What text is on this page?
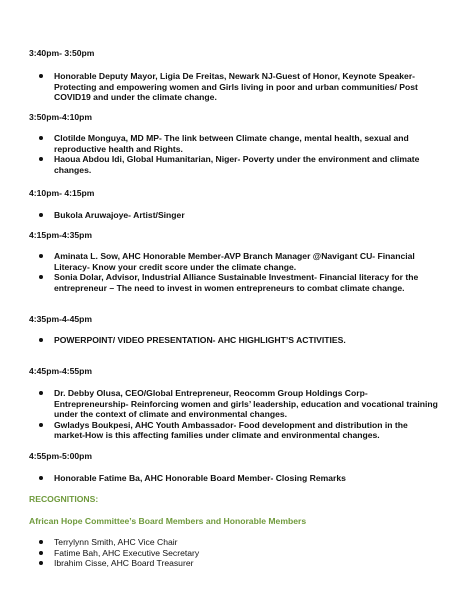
3:40pm- 3:50pm

Honorable Deputy Mayor, Ligia De Freitas, Newark NJ-Guest of Honor, Keynote Speaker- Protecting and empowering women and Girls living in poor and urban communities/ Post COVID19 and under the climate change.

3:50pm-4:10pm

Clotilde Monguya, MD MP- The link between Climate change, mental health, sexual and reproductive health and Rights.
Haoua Abdou Idi, Global Humanitarian, Niger- Poverty under the environment and climate changes.

4:10pm- 4:15pm

Bukola Aruwajoye- Artist/Singer

4:15pm-4:35pm

Aminata L. Sow, AHC Honorable Member-AVP Branch Manager @Navigant CU- Financial Literacy- Know your credit score under the climate change.
Sonia Dolar, Advisor, Industrial Alliance Sustainable Investment- Financial literacy for the entrepreneur – The need to invest in women entrepreneurs to combat climate change.

4:35pm-4-45pm

POWERPOINT/ VIDEO PRESENTATION- AHC HIGHLIGHT’S ACTIVITIES.

4:45pm-4:55pm

Dr. Debby Olusa, CEO/Global Entrepreneur, Reocomm Group Holdings Corp- Entrepreneurship- Reinforcing women and girls’ leadership, education and vocational training under the context of climate and environmental changes.
Gwladys Boukpesi, AHC Youth Ambassador- Food development and distribution in the market-How is this affecting families under climate and environmental changes.

4:55pm-5:00pm

Honorable Fatime Ba, AHC Honorable Board Member- Closing Remarks

RECOGNITIONS:

African Hope Committee’s Board Members and Honorable Members

Terrylynn Smith, AHC Vice Chair
Fatime Bah, AHC Executive Secretary
Ibrahim Cisse, AHC Board Treasurer
